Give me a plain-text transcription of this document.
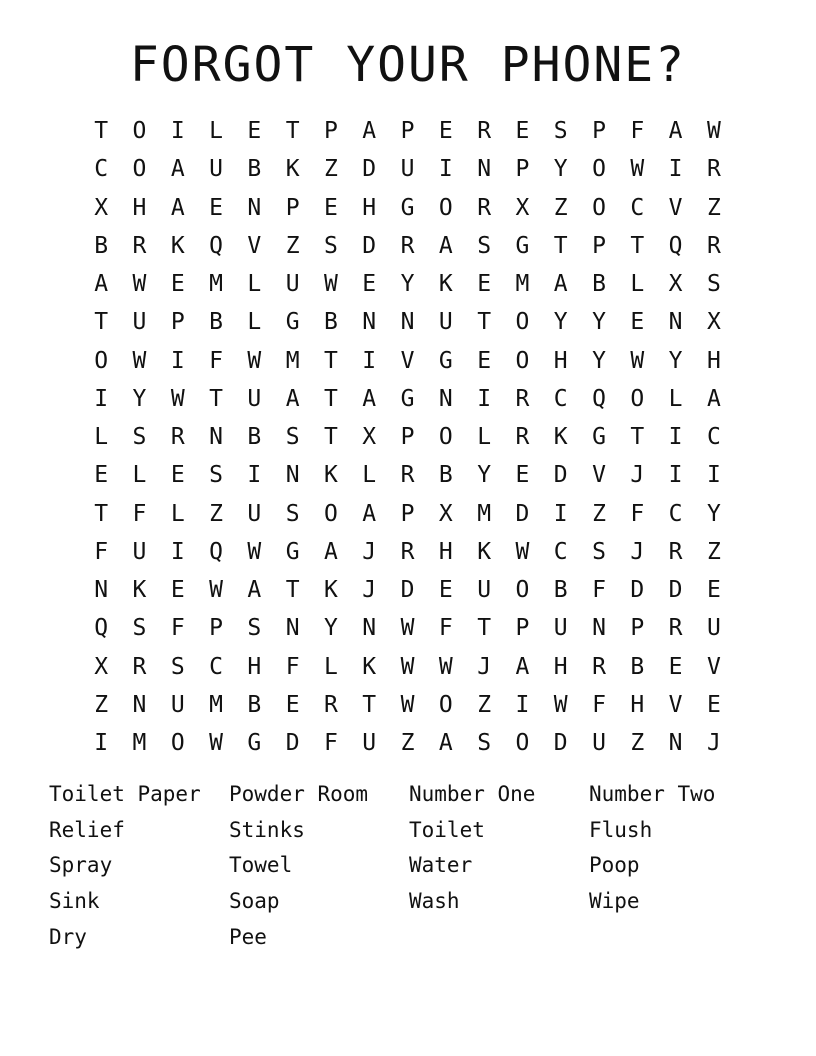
FORGOT YOUR PHONE?
T	O	I	L	E	T	P	A	P	E	R	E	S	P	F	A	W
C	O	A	U	B	K	Z	D	U	I	N	P	Y	O	W	I	R
X	H	A	E	N	P	E	H	G	O	R	X	Z	O	C	V	Z
B	R	K	Q	V	Z	S	D	R	A	S	G	T	P	T	Q	R
A	W	E	M	L	U	W	E	Y	K	E	M	A	B	L	X	S
T	U	P	B	L	G	B	N	N	U	T	O	Y	Y	E	N	X
O	W	I	F	W	M	T	I	V	G	E	O	H	Y	W	Y	H
I	Y	W	T	U	A	T	A	G	N	I	R	C	Q	O	L	A
L	S	R	N	B	S	T	X	P	O	L	R	K	G	T	I	C
E	L	E	S	I	N	K	L	R	B	Y	E	D	V	J	I	I
T	F	L	Z	U	S	O	A	P	X	M	D	I	Z	F	C	Y
F	U	I	Q	W	G	A	J	R	H	K	W	C	S	J	R	Z
N	K	E	W	A	T	K	J	D	E	U	O	B	F	D	D	E
Q	S	F	P	S	N	Y	N	W	F	T	P	U	N	P	R	U
X	R	S	C	H	F	L	K	W	W	J	A	H	R	B	E	V
Z	N	U	M	B	E	R	T	W	O	Z	I	W	F	H	V	E
I	M	O	W	G	D	F	U	Z	A	S	O	D	U	Z	N	J
Toilet Paper	Powder Room	Number One	Number Two
Relief	Stinks	Toilet	Flush
Spray	Towel	Water	Poop
Sink	Soap	Wash	Wipe
Dry	Pee
